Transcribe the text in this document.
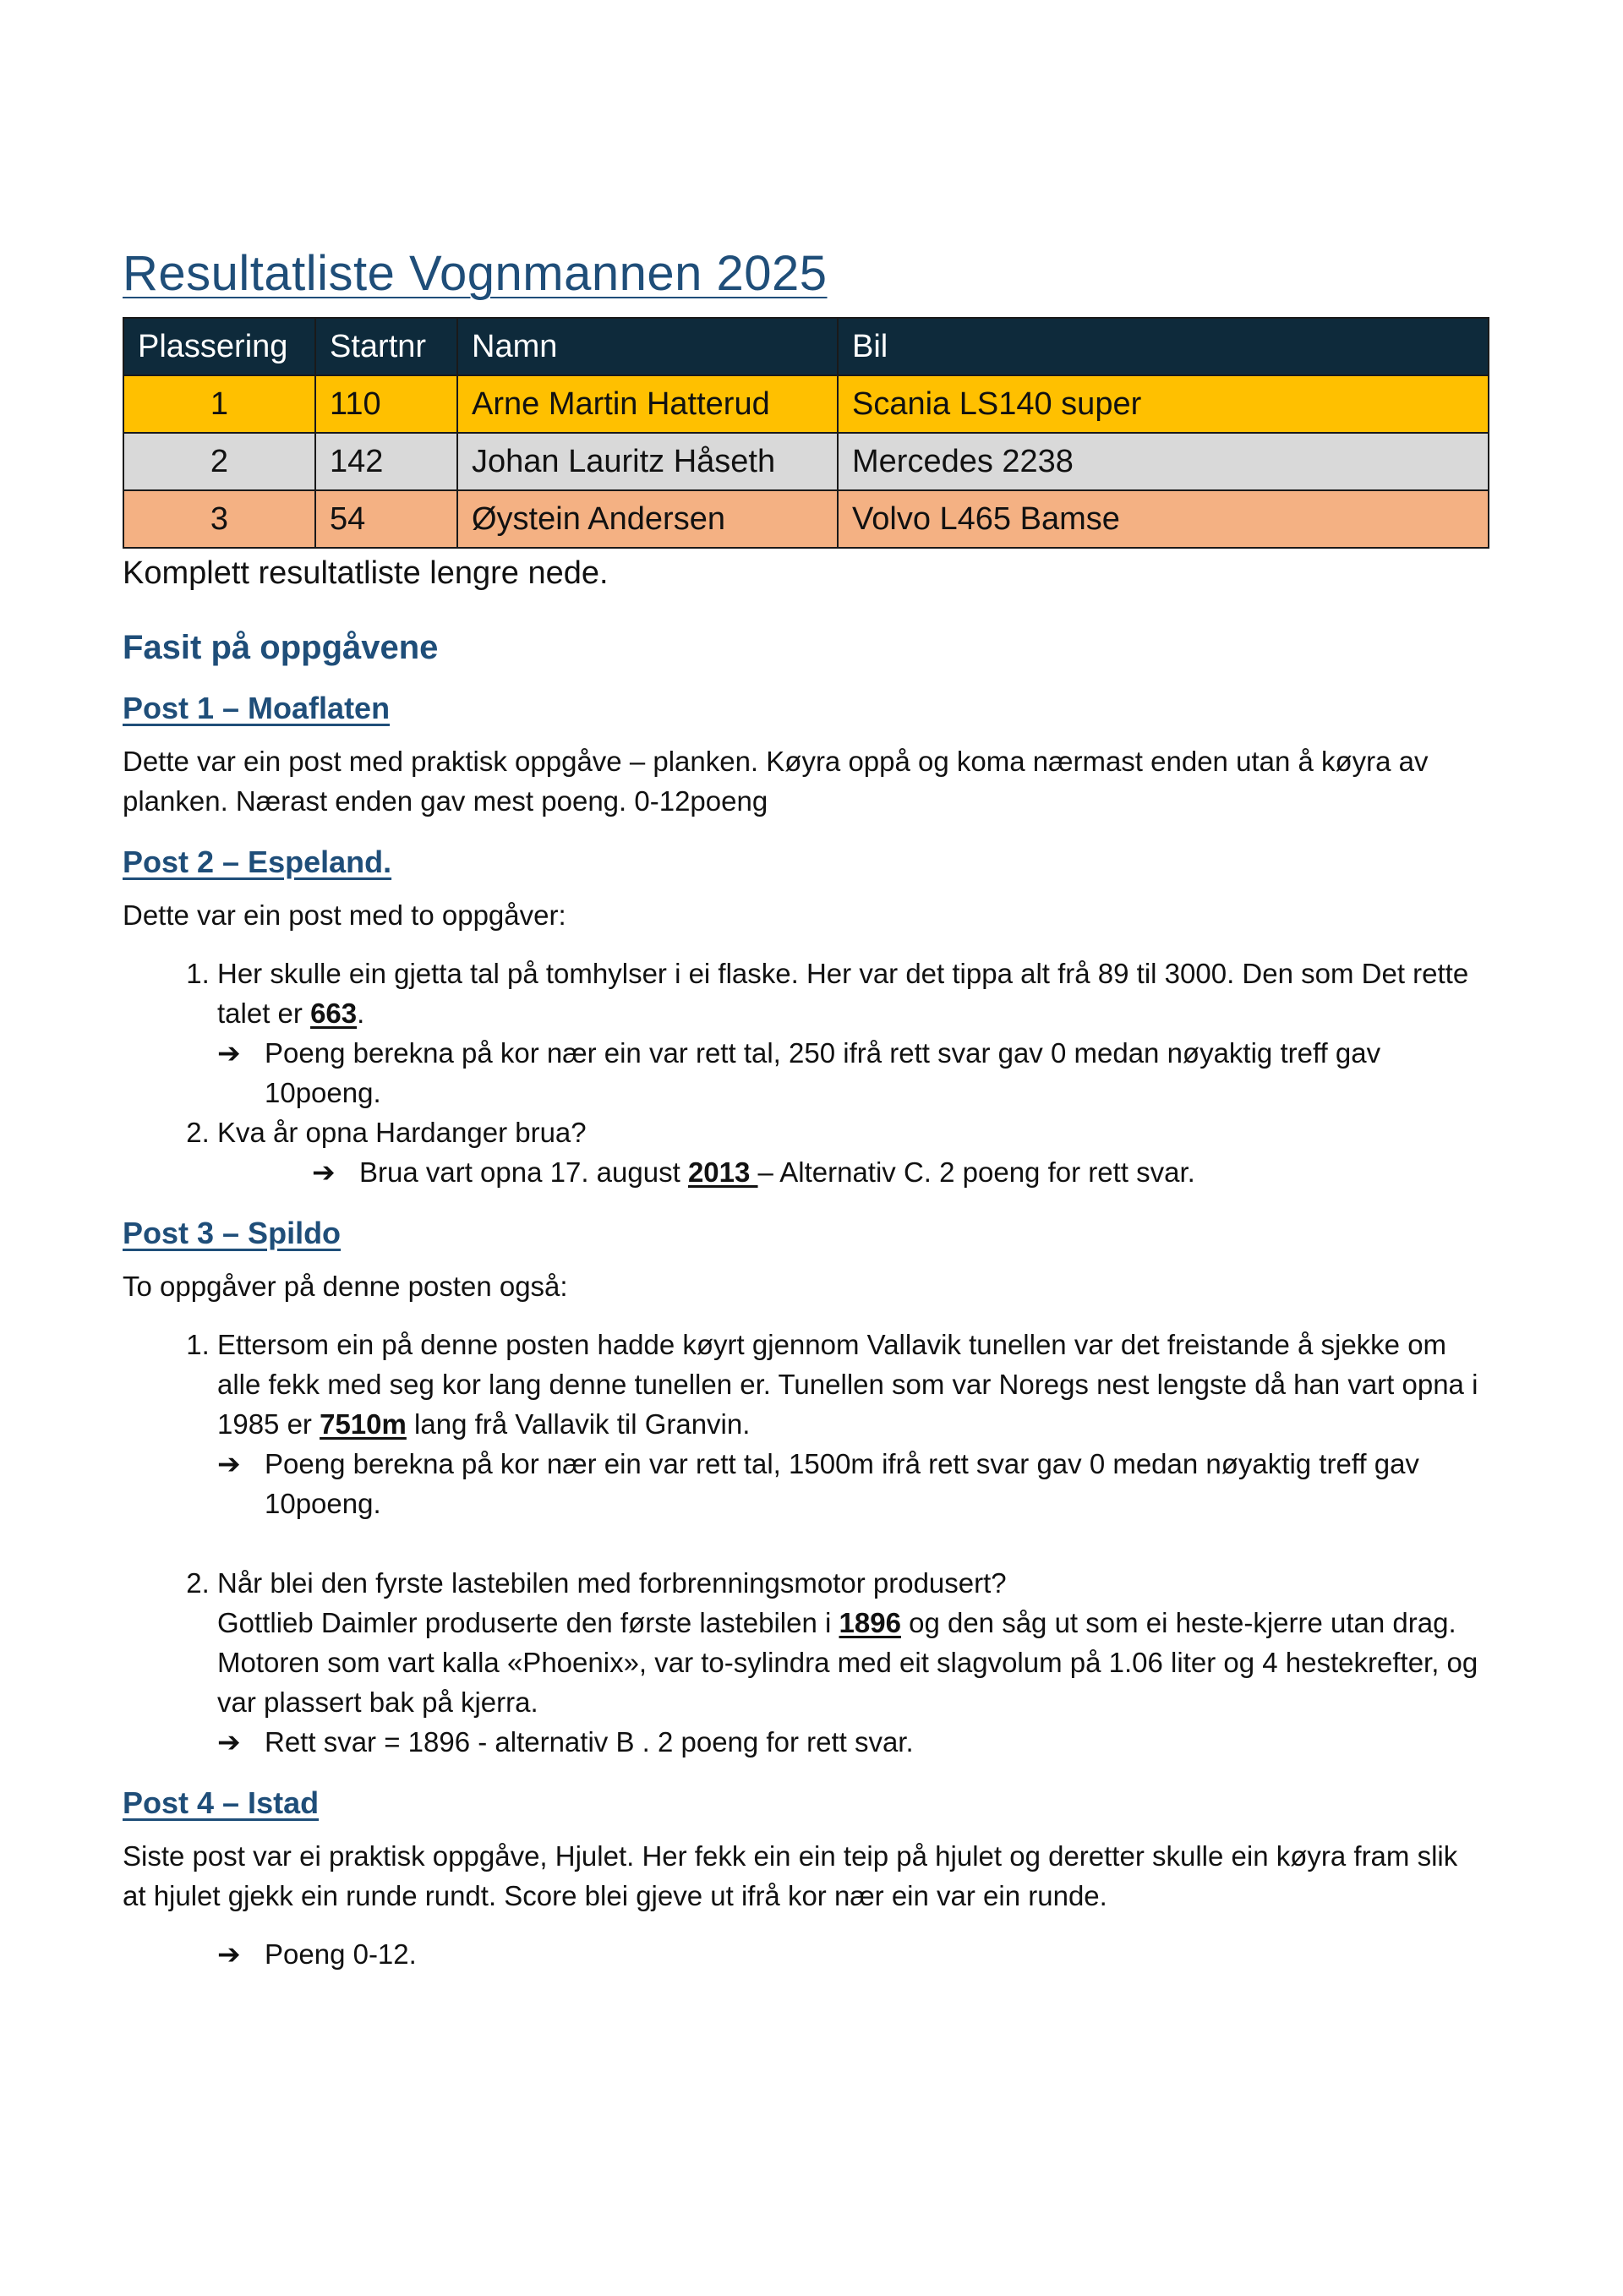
Resultatliste Vognmannen 2025
Plassering	Startnr	Namn	Bil
1	110	Arne Martin Hatterud	Scania LS140 super
2	142	Johan Lauritz Håseth	Mercedes 2238
3	54	Øystein Andersen	Volvo L465 Bamse
Komplett resultatliste lengre nede.
Fasit på oppgåvene
Post 1 – Moaflaten

Dette var ein post med praktisk oppgåve – planken. Køyra oppå og koma nærmast enden utan å køyra av planken. Nærast enden gav mest poeng. 0-12poeng

Post 2 – Espeland.

Dette var ein post med to oppgåver:

1. Her skulle ein gjetta tal på tomhylser i ei flaske. Her var det tippa alt frå 89 til 3000. Den som Det rette talet er 663.
➔ Poeng berekna på kor nær ein var rett tal, 250 ifrå rett svar gav 0 medan nøyaktig treff gav 10poeng.
2. Kva år opna Hardanger brua?
➔ Brua vart opna 17. august 2013 – Alternativ C. 2 poeng for rett svar.
Post 3 – Spildo

To oppgåver på denne posten også:

1. Ettersom ein på denne posten hadde køyrt gjennom Vallavik tunellen var det freistande å sjekke om alle fekk med seg kor lang denne tunellen er. Tunellen som var Noregs nest lengste då han vart opna i 1985 er 7510m lang frå Vallavik til Granvin.
➔ Poeng berekna på kor nær ein var rett tal, 1500m ifrå rett svar gav 0 medan nøyaktig treff gav 10poeng.
2. Når blei den fyrste lastebilen med forbrenningsmotor produsert?
Gottlieb Daimler produserte den første lastebilen i 1896 og den såg ut som ei heste-kjerre utan drag. Motoren som vart kalla «Phoenix», var to-sylindra med eit slagvolum på 1.06 liter og 4 hestekrefter, og var plassert bak på kjerra.
➔ Rett svar = 1896 - alternativ B . 2 poeng for rett svar.
Post 4 – Istad

Siste post var ei praktisk oppgåve, Hjulet. Her fekk ein ein teip på hjulet og deretter skulle ein køyra fram slik at hjulet gjekk ein runde rundt. Score blei gjeve ut ifrå kor nær ein var ein runde.

➔ Poeng 0-12.
